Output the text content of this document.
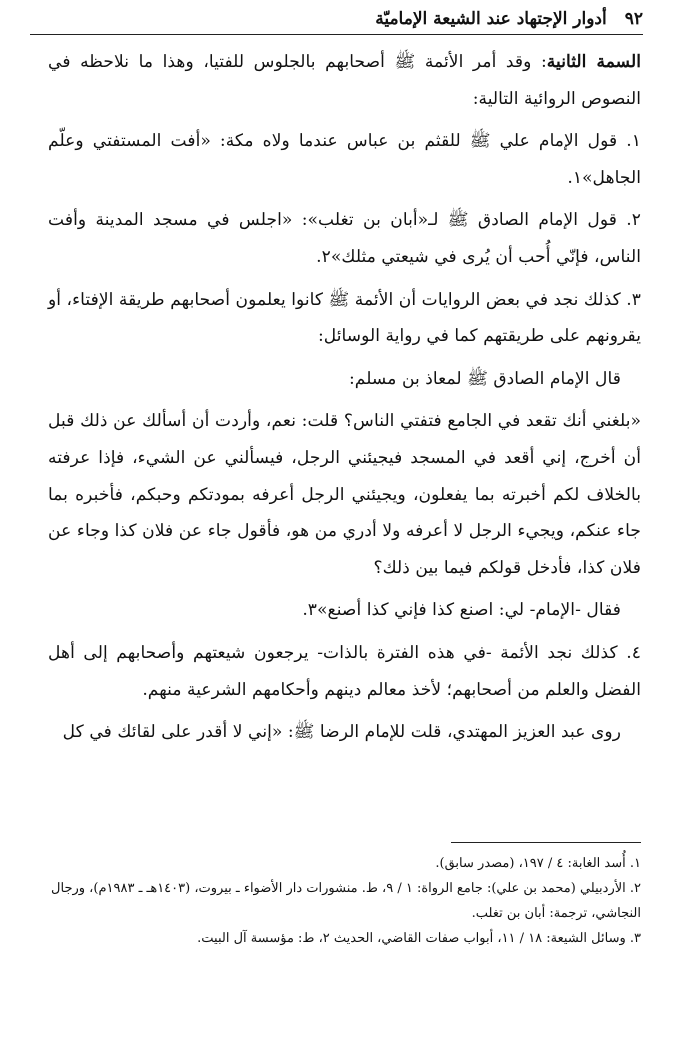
٩٢
أدوار الإجتهاد عند الشيعة الإماميّة

السمة الثانية: وقد أمر الأئمة ﷺ أصحابهم بالجلوس للفتيا، وهذا ما نلاحظه في النصوص الروائية التالية:

١. قول الإمام علي ﷺ للقثم بن عباس عندما ولاه مكة: «أفت المستفتي وعلّم الجاهل»١.

٢. قول الإمام الصادق ﷺ لـ«أبان بن تغلب»: «اجلس في مسجد المدينة وأفت الناس، فإنّي أُحب أن يُرى في شيعتي مثلك»٢.

٣. كذلك نجد في بعض الروايات أن الأئمة ﷺ كانوا يعلمون أصحابهم طريقة الإفتاء، أو يقرونهم على طريقتهم كما في رواية الوسائل:

قال الإمام الصادق ﷺ لمعاذ بن مسلم:

«بلغني أنك تقعد في الجامع فتفتي الناس؟ قلت: نعم، وأردت أن أسألك عن ذلك قبل أن أخرج، إني أقعد في المسجد فيجيئني الرجل، فيسألني عن الشيء، فإذا عرفته بالخلاف لكم أخبرته بما يفعلون، ويجيئني الرجل أعرفه بمودتكم وحبكم، فأخبره بما جاء عنكم، ويجيء الرجل لا أعرفه ولا أدري من هو، فأقول جاء عن فلان كذا وجاء عن فلان كذا، فأدخل قولكم فيما بين ذلك؟

فقال -الإمام- لي: اصنع كذا فإني كذا أصنع»٣.

٤. كذلك نجد الأئمة -في هذه الفترة بالذات- يرجعون شيعتهم وأصحابهم إلى أهل الفضل والعلم من أصحابهم؛ لأخذ معالم دينهم وأحكامهم الشرعية منهم.

روى عبد العزيز المهتدي، قلت للإمام الرضا ﷺ: «إني لا أقدر على لقائك في كل

١. أُسد الغابة: ٤ / ١٩٧، (مصدر سابق).

٢. الأردبيلي (محمد بن علي): جامع الرواة: ١ / ٩، ط. منشورات دار الأضواء ـ بيروت، (١٤٠٣هـ ـ ١٩٨٣م)، ورجال النجاشي، ترجمة: أبان بن تغلب.

٣. وسائل الشيعة: ١٨ / ١١، أبواب صفات القاضي، الحديث ٢، ط: مؤسسة آل البيت.
